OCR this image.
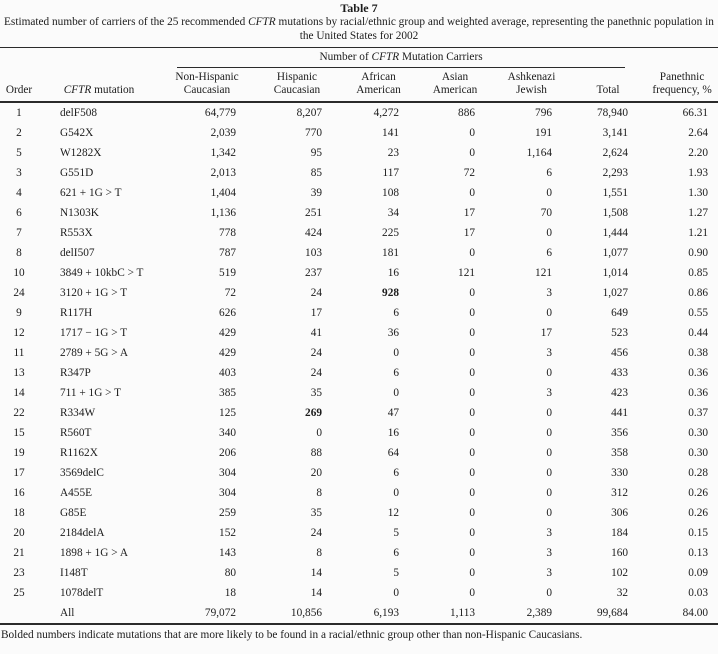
Table 7
Estimated number of carriers of the 25 recommended CFTR mutations by racial/ethnic group and weighted average, representing the panethnic population in
the United States for 2002

		Number of CFTR Mutation Carriers						

Order	CFTR mutation	Non-Hispanic Caucasian	Hispanic Caucasian	African American	Asian American	Ashkenazi Jewish	Total	Panethnic frequency, %
1	delF508	64,779	8,207	4,272	886	796	78,940	66.31
2	G542X	2,039	770	141	0	191	3,141	2.64
5	W1282X	1,342	95	23	0	1,164	2,624	2.20
3	G551D	2,013	85	117	72	6	2,293	1.93
4	621 + 1G > T	1,404	39	108	0	0	1,551	1.30
6	N1303K	1,136	251	34	17	70	1,508	1.27
7	R553X	778	424	225	17	0	1,444	1.21
8	delI507	787	103	181	0	6	1,077	0.90
10	3849 + 10kbC > T	519	237	16	121	121	1,014	0.85
24	3120 + 1G > T	72	24	928	0	3	1,027	0.86
9	R117H	626	17	6	0	0	649	0.55
12	1717 − 1G > T	429	41	36	0	17	523	0.44
11	2789 + 5G > A	429	24	0	0	3	456	0.38
13	R347P	403	24	6	0	0	433	0.36
14	711 + 1G > T	385	35	0	0	3	423	0.36
22	R334W	125	269	47	0	0	441	0.37
15	R560T	340	0	16	0	0	356	0.30
19	R1162X	206	88	64	0	0	358	0.30
17	3569delC	304	20	6	0	0	330	0.28
16	A455E	304	8	0	0	0	312	0.26
18	G85E	259	35	12	0	0	306	0.26
20	2184delA	152	24	5	0	3	184	0.15
21	1898 + 1G > A	143	8	6	0	3	160	0.13
23	I148T	80	14	5	0	3	102	0.09
25	1078delT	18	14	0	0	0	32	0.03
	All	79,072	10,856	6,193	1,113	2,389	99,684	84.00
Bolded numbers indicate mutations that are more likely to be found in a racial/ethnic group other than non-Hispanic Caucasians.
